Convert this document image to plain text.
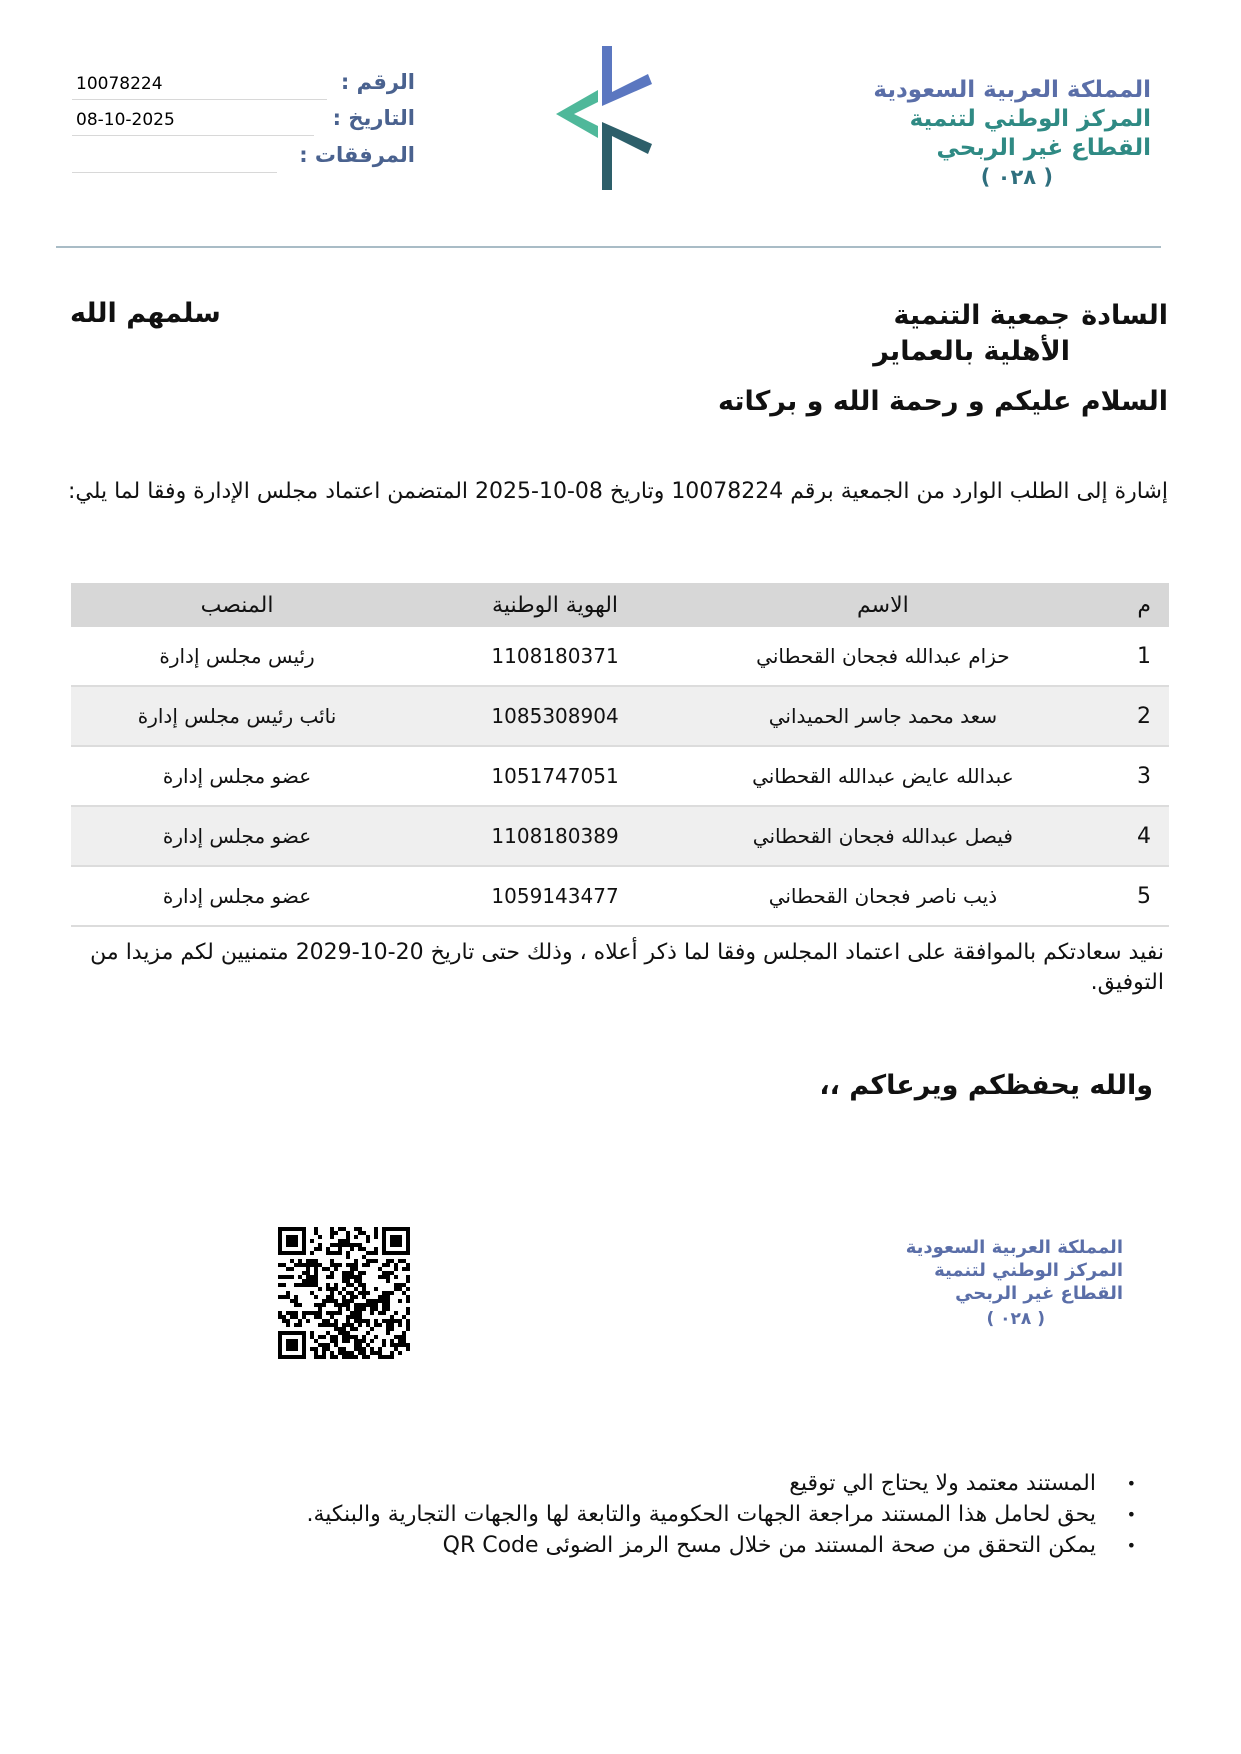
المملكة العربية السعودية
المركز الوطني لتنمية
القطاع غير الربحي
( ٠٢٨ )
الرقم :
10078224
التاريخ :
08-10-2025
المرفقات :
السادة
جمعية التنمية الأهلية بالعماير
سلمهم الله
السلام عليكم و رحمة الله و بركاته
إشارة إلى الطلب الوارد من الجمعية برقم 10078224 وتاريخ 08-10-2025 المتضمن اعتماد مجلس الإدارة وفقا لما يلي:
م	الاسم	الهوية الوطنية	المنصب
1	حزام عبدالله فجحان القحطاني	1108180371	رئيس مجلس إدارة
2	سعد محمد جاسر الحميداني	1085308904	نائب رئيس مجلس إدارة
3	عبدالله عايض عبدالله القحطاني	1051747051	عضو مجلس إدارة
4	فيصل عبدالله فجحان القحطاني	1108180389	عضو مجلس إدارة
5	ذيب ناصر فجحان القحطاني	1059143477	عضو مجلس إدارة
نفيد سعادتكم بالموافقة على اعتماد المجلس وفقا لما ذكر أعلاه ، وذلك حتى تاريخ 20-10-2029 متمنيين لكم مزيدا من التوفيق.
والله يحفظكم ويرعاكم ،،
المملكة العربية السعودية
المركز الوطني لتنمية
القطاع غير الربحي
( ٠٢٨ )
• المستند معتمد ولا يحتاج الي توقيع
• يحق لحامل هذا المستند مراجعة الجهات الحكومية والتابعة لها والجهات التجارية والبنكية.
• يمكن التحقق من صحة المستند من خلال مسح الرمز الضوئى QR Code
